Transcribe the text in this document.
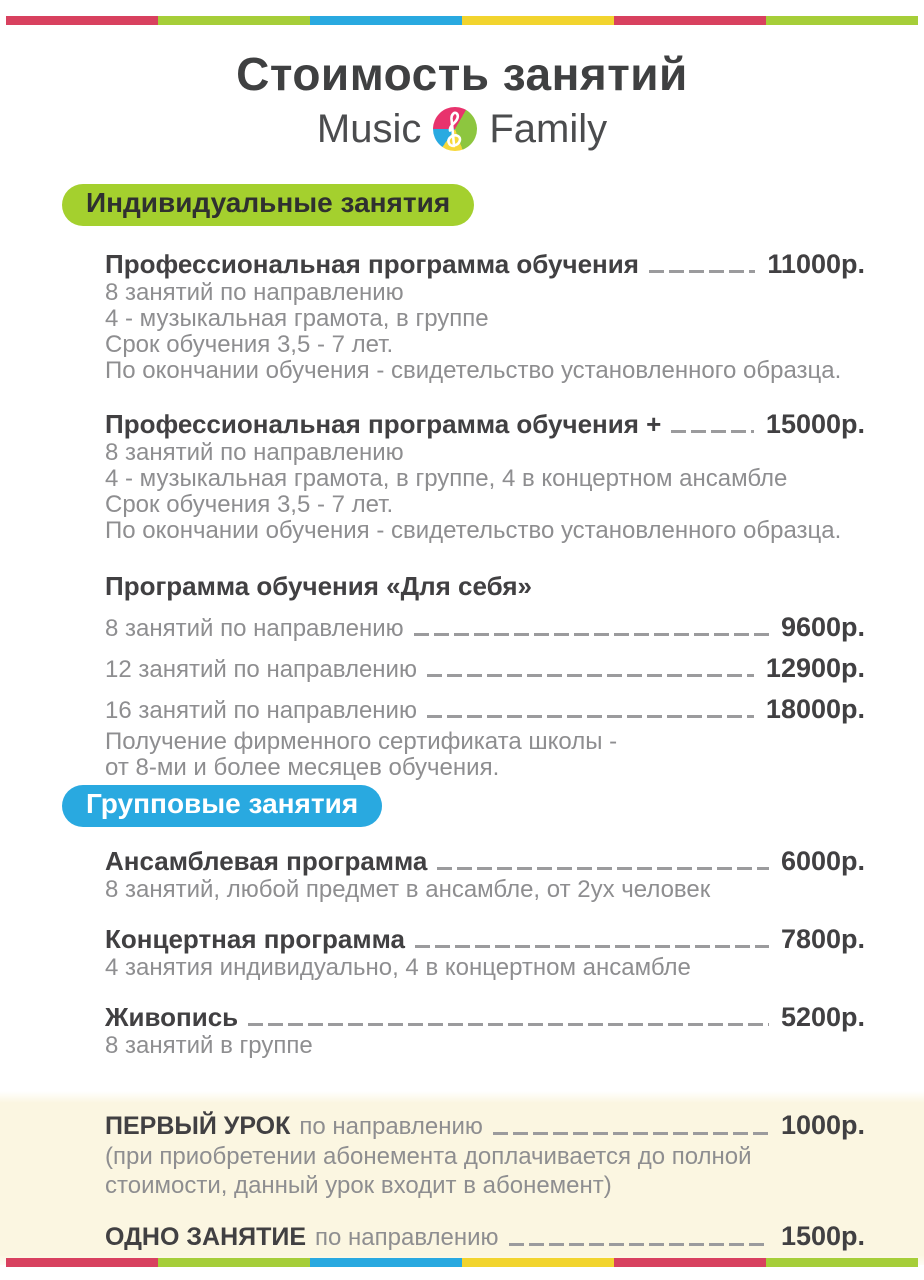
Стоимость занятий
Music Family
Индивидуальные занятия
Профессиональная программа обучения	11000р.
8 занятий по направлению
4 - музыкальная грамота, в группе
Срок обучения 3,5 - 7 лет.
По окончании обучения - свидетельство установленного образца.
Профессиональная программа обучения +	15000р.
8 занятий по направлению
4 - музыкальная грамота, в группе, 4 в концертном ансамбле
Срок обучения 3,5 - 7 лет.
По окончании обучения - свидетельство установленного образца.
Программа обучения «Для себя»
8 занятий по направлению	9600р.
12 занятий по направлению	12900р.
16 занятий по направлению	18000р.
Получение фирменного сертификата школы -
от 8-ми и более месяцев обучения.
Групповые занятия
Ансамблевая программа	6000р.
8 занятий, любой предмет в ансамбле, от 2ух человек
Концертная программа	7800р.
4 занятия индивидуально, 4 в концертном ансамбле
Живопись	5200р.
8 занятий в группе
ПЕРВЫЙ УРОК по направлению	1000р.
(при приобретении абонемента доплачивается до полной
стоимости, данный урок входит в абонемент)
ОДНО ЗАНЯТИЕ по направлению	1500р.
